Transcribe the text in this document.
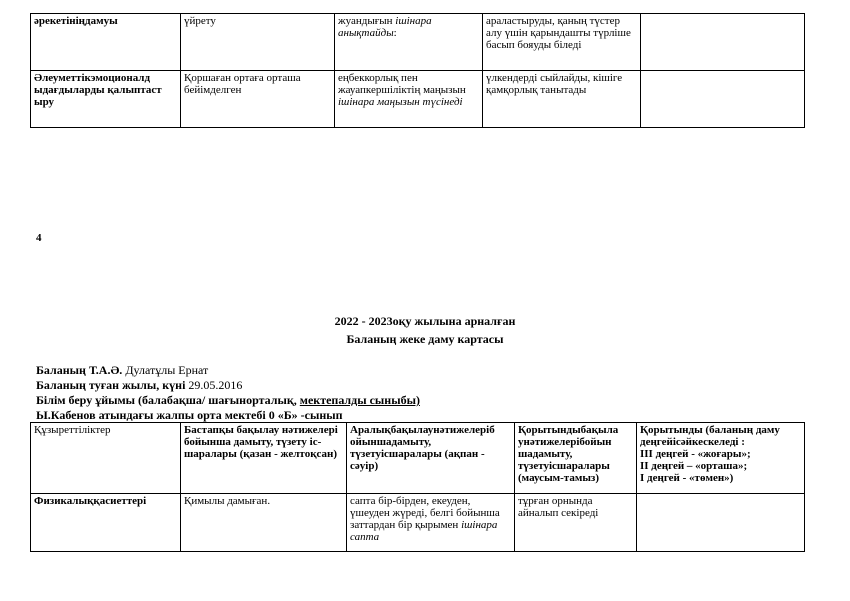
әрекетініңдамуы	үйрету	жуандығын ішінара анықтайды:	араластыруды, қаның түстер алу үшін қарындашты түрліше басып бояуды біледі	
Әлеуметтікэмоционалд ыдағдыларды қалыптаст ыру	Қоршаған ортаға орташа бейімделген	еңбеккорлық пен жауапкершіліктің маңызын ішінара маңызын түсінеді	үлкендерді сыйлайды, кішіге қамқорлық танытады	
4
2022 - 2023оқу жылына арналған
Баланың жеке даму картасы
Баланың Т.А.Ә. Дулатұлы Ернат
Баланың туған жылы, күні 29.05.2016
Білім беру ұйымы (балабақша/ шағынорталық, мектепалды сыныбы)
Ы.Кабенов атындағы жалпы орта мектебі 0 «Б» -сынып
Құзыреттіліктер	Бастапқы бақылау нәтижелері бойынша дамыту, түзету іс-шаралары (қазан - желтоқсан)	Аралықбақылаунәтижелеріб ойыншадамыту, түзетуісшаралары (ақпан - сәуір)	Қорытындыбақыла унәтижелерібойын шадамыту, түзетуісшаралары (маусым-тамыз)	Қорытынды (баланың даму деңгейісәйкескеледі :
ІІІ деңгей - «жоғары»;
ІІ деңгей – «орташа»;
І деңгей - «төмен»)

Физикалыққасиеттері	Қимылы дамыған.	сапта бір-бірден, екеуден, үшеуден жүреді, белгі бойынша заттардан бір қырымен ішінара сапта	тұрған орнында айналып секіреді	
